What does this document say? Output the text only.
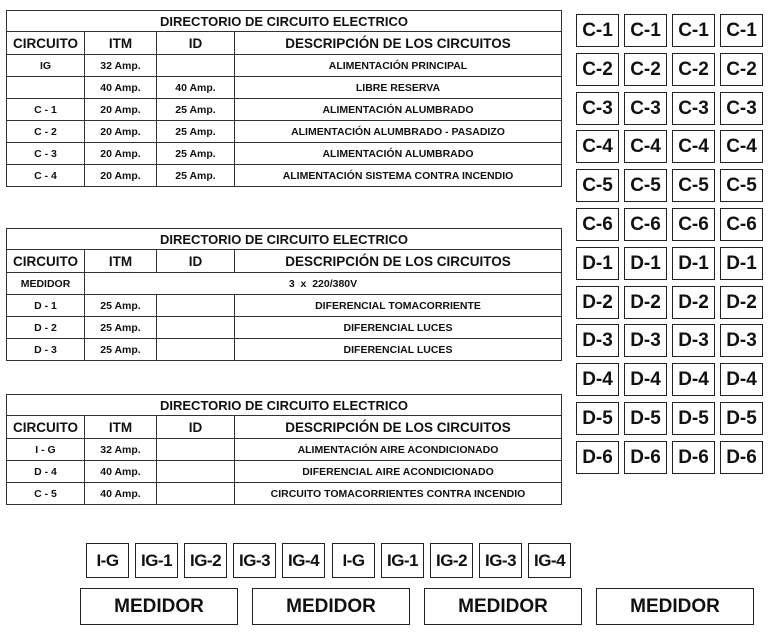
DIRECTORIO DE CIRCUITO ELECTRICO			
CIRCUITO	ITM	ID	DESCRIPCIÓN DE LOS CIRCUITOS
IG	32 Amp.		ALIMENTACIÓN PRINCIPAL
	40 Amp.	40 Amp.	LIBRE RESERVA
C - 1	20 Amp.	25 Amp.	ALIMENTACIÓN ALUMBRADO
C - 2	20 Amp.	25 Amp.	ALIMENTACIÓN ALUMBRADO - PASADIZO
C - 3	20 Amp.	25 Amp.	ALIMENTACIÓN ALUMBRADO
C - 4	20 Amp.	25 Amp.	ALIMENTACIÓN SISTEMA CONTRA INCENDIO
DIRECTORIO DE CIRCUITO ELECTRICO			
CIRCUITO	ITM	ID	DESCRIPCIÓN DE LOS CIRCUITOS
MEDIDOR	3  x  220/380V		
D - 1	25 Amp.		DIFERENCIAL TOMACORRIENTE
D - 2	25 Amp.		DIFERENCIAL LUCES
D - 3	25 Amp.		DIFERENCIAL LUCES
DIRECTORIO DE CIRCUITO ELECTRICO			
CIRCUITO	ITM	ID	DESCRIPCIÓN DE LOS CIRCUITOS
I - G	32 Amp.		ALIMENTACIÓN AIRE ACONDICIONADO
D - 4	40 Amp.		DIFERENCIAL AIRE ACONDICIONADO
C - 5	40 Amp.		CIRCUITO TOMACORRIENTES CONTRA INCENDIO
C-1 C-1 C-1 C-1
C-2 C-2 C-2 C-2
C-3 C-3 C-3 C-3
C-4 C-4 C-4 C-4
C-5 C-5 C-5 C-5
C-6 C-6 C-6 C-6
D-1 D-1 D-1 D-1
D-2 D-2 D-2 D-2
D-3 D-3 D-3 D-3
D-4 D-4 D-4 D-4
D-5 D-5 D-5 D-5
D-6 D-6 D-6 D-6
I-G	IG-1	IG-2	IG-3	IG-4	I-G	IG-1	IG-2	IG-3	IG-4
MEDIDOR	MEDIDOR	MEDIDOR	MEDIDOR
